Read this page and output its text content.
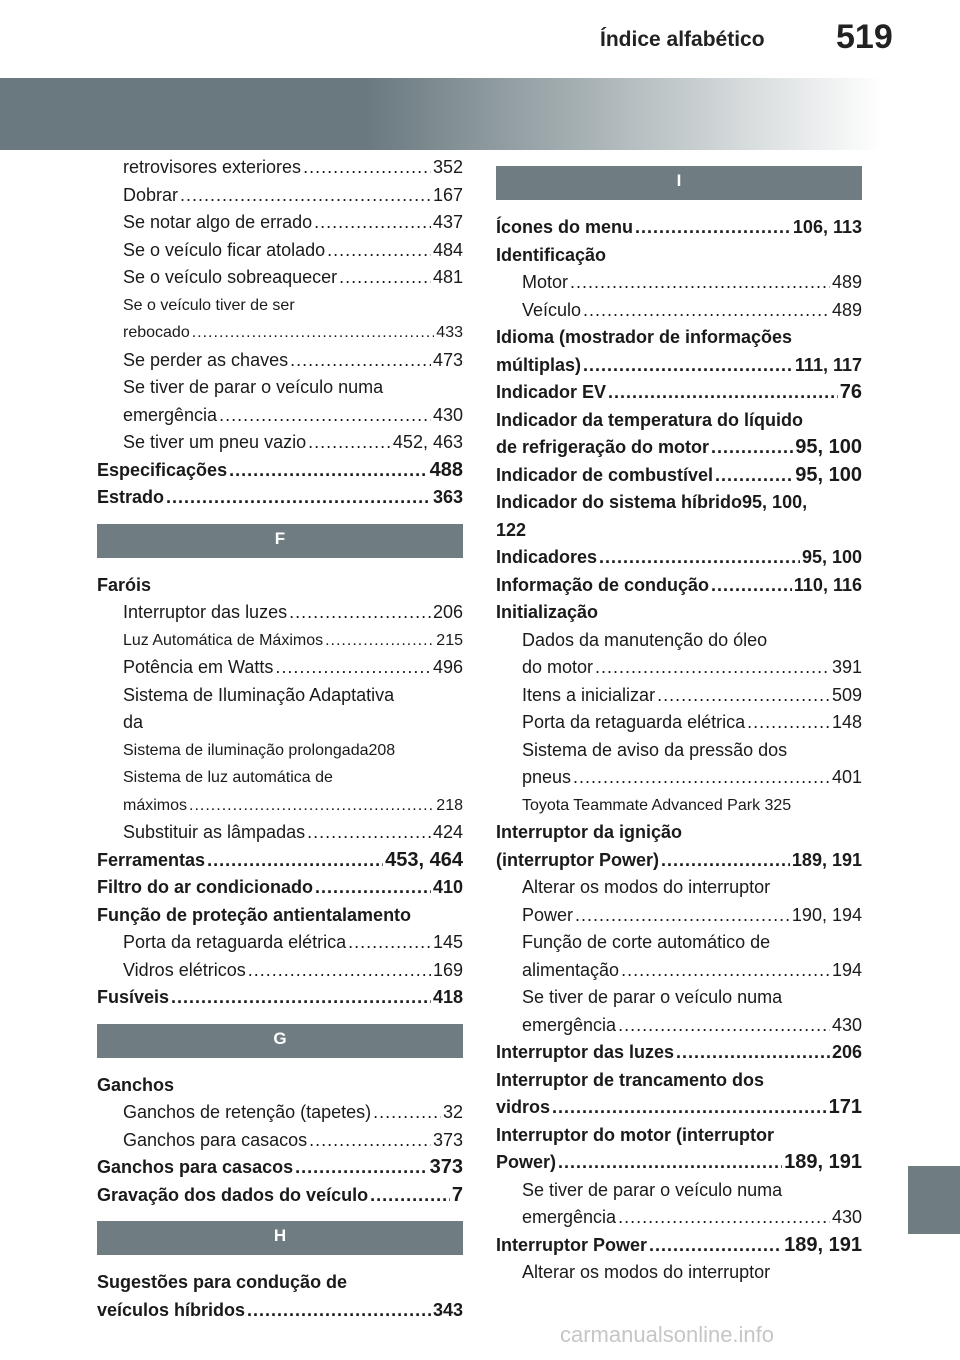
Índice alfabético 519
retrovisores exteriores .....	352
Dobrar .....	167
Se notar algo de errado .....	437
Se o veículo ficar atolado .....	484
Se o veículo sobreaquecer .....	481
Se o veículo tiver de ser
rebocado .....	433
Se perder as chaves .....	473
Se tiver de parar o veículo numa
emergência .....	430
Se tiver um pneu vazio .....	452, 463
Especificações .....	488
Estrado .....	363
F
Faróis
Interruptor das luzes .....	206
Luz Automática de Máximos .....	215
Potência em Watts .....	496
Sistema de Iluminação Adaptativa
da
Sistema de iluminação prolongada208
Sistema de luz automática de
máximos .....	218
Substituir as lâmpadas .....	424
Ferramentas .....	453, 464
Filtro do ar condicionado .....	410
Função de proteção antientalamento
Porta da retaguarda elétrica .....	145
Vidros elétricos .....	169
Fusíveis .....	418
G
Ganchos
Ganchos de retenção (tapetes) .....	32
Ganchos para casacos .....	373
Ganchos para casacos .....	373
Gravação dos dados do veículo .....	7
H
Sugestões para condução de
veículos híbridos .....	343
I
Ícones do menu .....	106, 113
Identificação
Motor .....	489
Veículo .....	489
Idioma (mostrador de informações
múltiplas) .....	111, 117
Indicador EV .....	76
Indicador da temperatura do líquido
de refrigeração do motor .....	95, 100
Indicador de combustível .....	95, 100
Indicador do sistema híbrido95, 100,
122
Indicadores .....	95, 100
Informação de condução .....	110, 116
Initialização
Dados da manutenção do óleo
do motor .....	391
Itens a inicializar .....	509
Porta da retaguarda elétrica .....	148
Sistema de aviso da pressão dos
pneus .....	401
Toyota Teammate Advanced Park 325
Interruptor da ignição
(interruptor Power) .....	189, 191
Alterar os modos do interruptor
Power .....	190, 194
Função de corte automático de
alimentação .....	194
Se tiver de parar o veículo numa
emergência .....	430
Interruptor das luzes .....	206
Interruptor de trancamento dos
vidros .....	171
Interruptor do motor (interruptor
Power) .....	189, 191
Se tiver de parar o veículo numa
emergência .....	430
Interruptor Power .....	189, 191
Alterar os modos do interruptor
carmanualsonline.info
